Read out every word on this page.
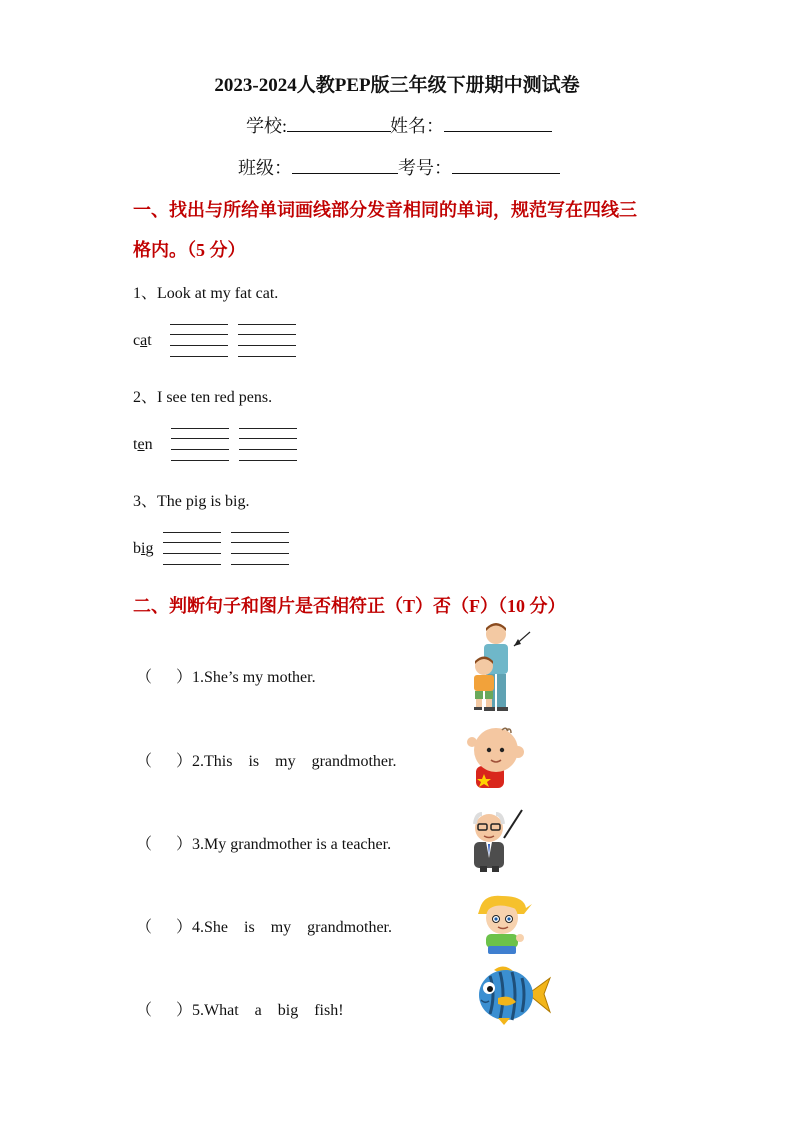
2023-2024人教PEP版三年级下册期中测试卷
学校:	姓名：
班级：	考号：
一、找出与所给单词画线部分发音相同的单词，规范写在四线三
格内。（5 分）
1、Look at my fat cat.
cat
2、I see ten red pens.
ten
3、The pig is big.
big
二、判断句子和图片是否相符正（T）否（F）（10 分）
（      ）1.She’s my mother.
（      ）2.This    is    my    grandmother.
（      ）3.My grandmother is a teacher.
（      ）4.She    is    my    grandmother.
（      ）5.What    a    big    fish!
